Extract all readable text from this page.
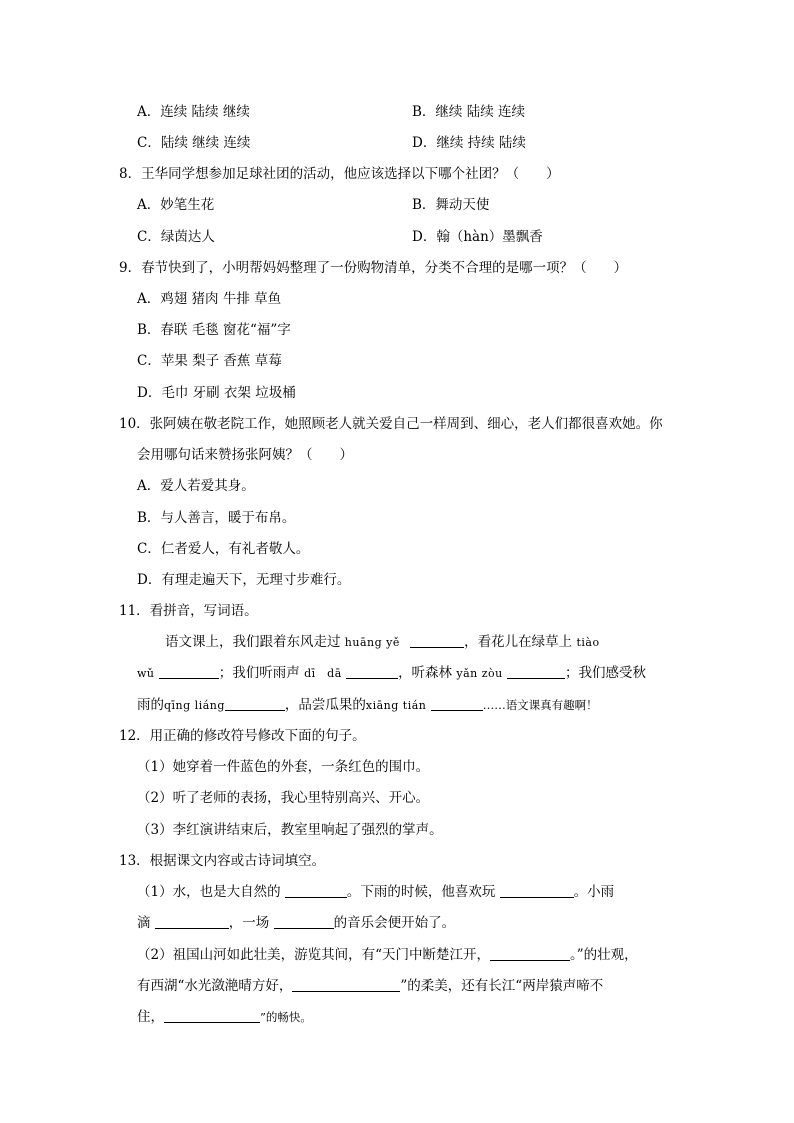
A．连续 陆续 继续	B．继续 陆续 连续
C．陆续 继续 连续	D．继续 持续 陆续
8．王华同学想参加足球社团的活动，他应该选择以下哪个社团？（　　）
A．妙笔生花	B．舞动天使
C．绿茵达人	D．翰（hàn）墨飘香
9．春节快到了，小明帮妈妈整理了一份购物清单，分类不合理的是哪一项？（　　）
A．鸡翅 猪肉 牛排 草鱼
B．春联 毛毯 窗花“福”字
C．苹果 梨子 香蕉 草莓
D．毛巾 牙刷 衣架 垃圾桶
10．张阿姨在敬老院工作，她照顾老人就关爱自己一样周到、细心，老人们都很喜欢她。你
会用哪句话来赞扬张阿姨？（　　）
A．爱人若爱其身。
B．与人善言，暖于布帛。
C．仁者爱人，有礼者敬人。
D．有理走遍天下，无理寸步难行。
11．看拼音，写词语。
语文课上，我们跟着东风走过 huāng yě	，看花儿在绿草上 tiào
wǔ	；我们听雨声 dī　dā	，听森林 yǎn zòu	；我们感受秋
雨的qīng liáng	，品尝瓜果的xiāng tián	……语文课真有趣啊！
12．用正确的修改符号修改下面的句子。
（1）她穿着一件蓝色的外套，一条红色的围巾。
（2）听了老师的表扬，我心里特别高兴、开心。
（3）李红演讲结束后，教室里响起了强烈的掌声。
13．根据课文内容或古诗词填空。
（1）水，也是大自然的	。下雨的时候，他喜欢玩	。小雨
滴	，一场	的音乐会便开始了。
（2）祖国山河如此壮美，游览其间，有“天门中断楚江开，	。”的壮观，
有西湖“水光潋滟晴方好，	”的柔美，还有长江“两岸猿声啼不
住，	”的畅快。
